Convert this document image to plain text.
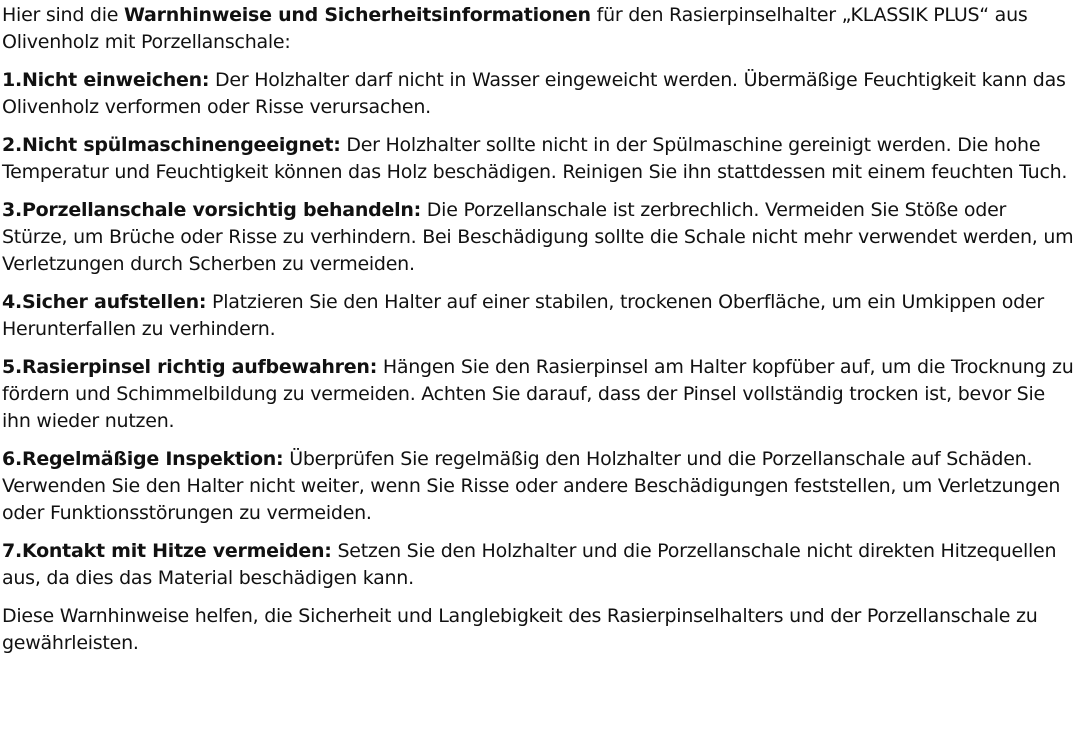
Hier sind die Warnhinweise und Sicherheitsinformationen für den Rasierpinselhalter „KLASSIK PLUS“ aus Olivenholz mit Porzellanschale:

1.Nicht einweichen: Der Holzhalter darf nicht in Wasser eingeweicht werden. Übermäßige Feuchtigkeit kann das Olivenholz verformen oder Risse verursachen.

2.Nicht spülmaschinengeeignet: Der Holzhalter sollte nicht in der Spülmaschine gereinigt werden. Die hohe Temperatur und Feuchtigkeit können das Holz beschädigen. Reinigen Sie ihn stattdessen mit einem feuchten Tuch.

3.Porzellanschale vorsichtig behandeln: Die Porzellanschale ist zerbrechlich. Vermeiden Sie Stöße oder Stürze, um Brüche oder Risse zu verhindern. Bei Beschädigung sollte die Schale nicht mehr verwendet werden, um Verletzungen durch Scherben zu vermeiden.

4.Sicher aufstellen: Platzieren Sie den Halter auf einer stabilen, trockenen Oberfläche, um ein Umkippen oder Herunterfallen zu verhindern.

5.Rasierpinsel richtig aufbewahren: Hängen Sie den Rasierpinsel am Halter kopfüber auf, um die Trocknung zu fördern und Schimmelbildung zu vermeiden. Achten Sie darauf, dass der Pinsel vollständig trocken ist, bevor Sie ihn wieder nutzen.

6.Regelmäßige Inspektion: Überprüfen Sie regelmäßig den Holzhalter und die Porzellanschale auf Schäden. Verwenden Sie den Halter nicht weiter, wenn Sie Risse oder andere Beschädigungen feststellen, um Verletzungen oder Funktionsstörungen zu vermeiden.

7.Kontakt mit Hitze vermeiden: Setzen Sie den Holzhalter und die Porzellanschale nicht direkten Hitzequellen aus, da dies das Material beschädigen kann.

Diese Warnhinweise helfen, die Sicherheit und Langlebigkeit des Rasierpinselhalters und der Porzellanschale zu gewährleisten.
